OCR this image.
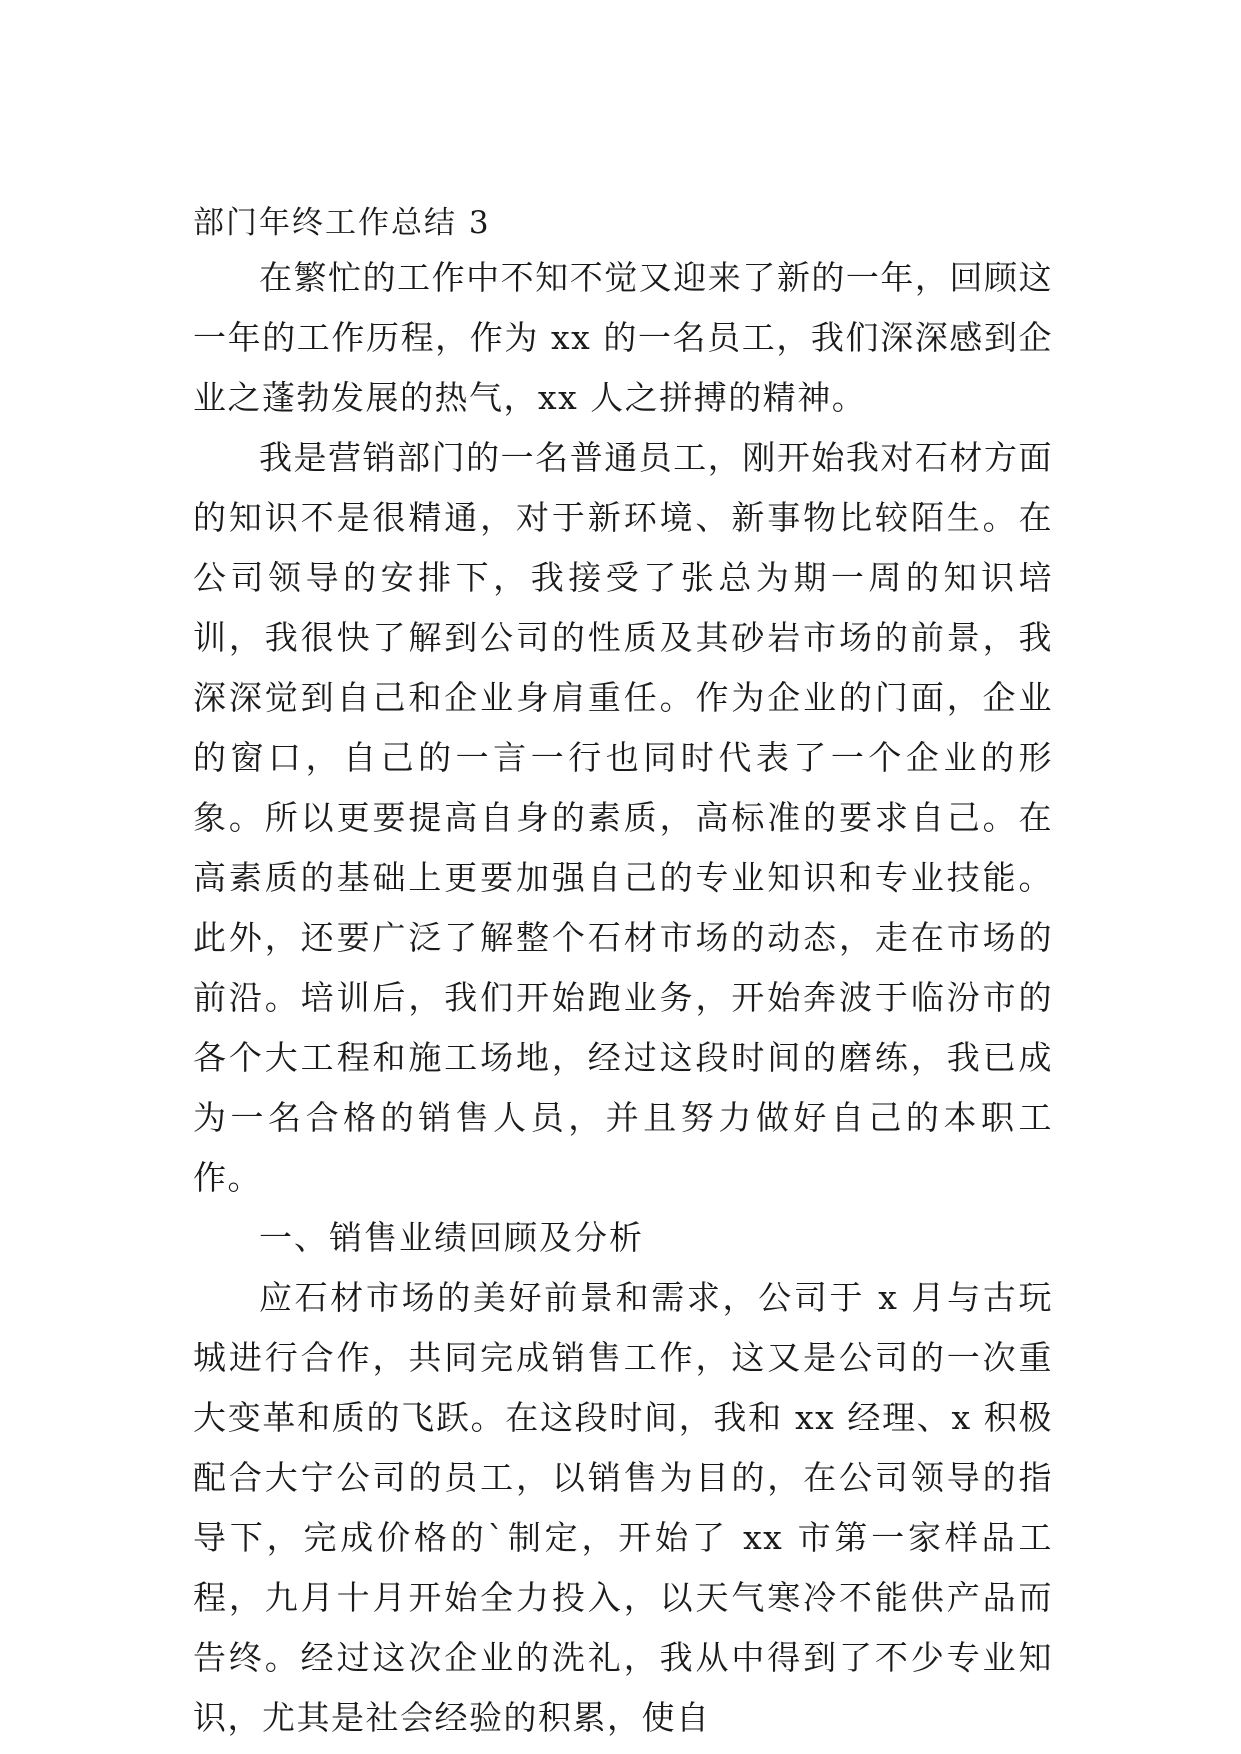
部门年终工作总结 3

在繁忙的工作中不知不觉又迎来了新的一年，回顾这一年的工作历程，作为 xx 的一名员工，我们深深感到企业之蓬勃发展的热气，xx 人之拼搏的精神。

我是营销部门的一名普通员工，刚开始我对石材方面的知识不是很精通，对于新环境、新事物比较陌生。在公司领导的安排下，我接受了张总为期一周的知识培训，我很快了解到公司的性质及其砂岩市场的前景，我深深觉到自己和企业身肩重任。作为企业的门面，企业的窗口，自己的一言一行也同时代表了一个企业的形象。所以更要提高自身的素质，高标准的要求自己。在高素质的基础上更要加强自己的专业知识和专业技能。此外，还要广泛了解整个石材市场的动态，走在市场的前沿。培训后，我们开始跑业务，开始奔波于临汾市的各个大工程和施工场地，经过这段时间的磨练，我已成为一名合格的销售人员，并且努力做好自己的本职工作。

一、销售业绩回顾及分析

应石材市场的美好前景和需求，公司于 x 月与古玩城进行合作，共同完成销售工作，这又是公司的一次重大变革和质的飞跃。在这段时间，我和 xx 经理、x 积极配合大宁公司的员工，以销售为目的，在公司领导的指导下，完成价格的`制定，开始了 xx 市第一家样品工程，九月十月开始全力投入，以天气寒冷不能供产品而告终。经过这次企业的洗礼，我从中得到了不少专业知识，尤其是社会经验的积累，使自
